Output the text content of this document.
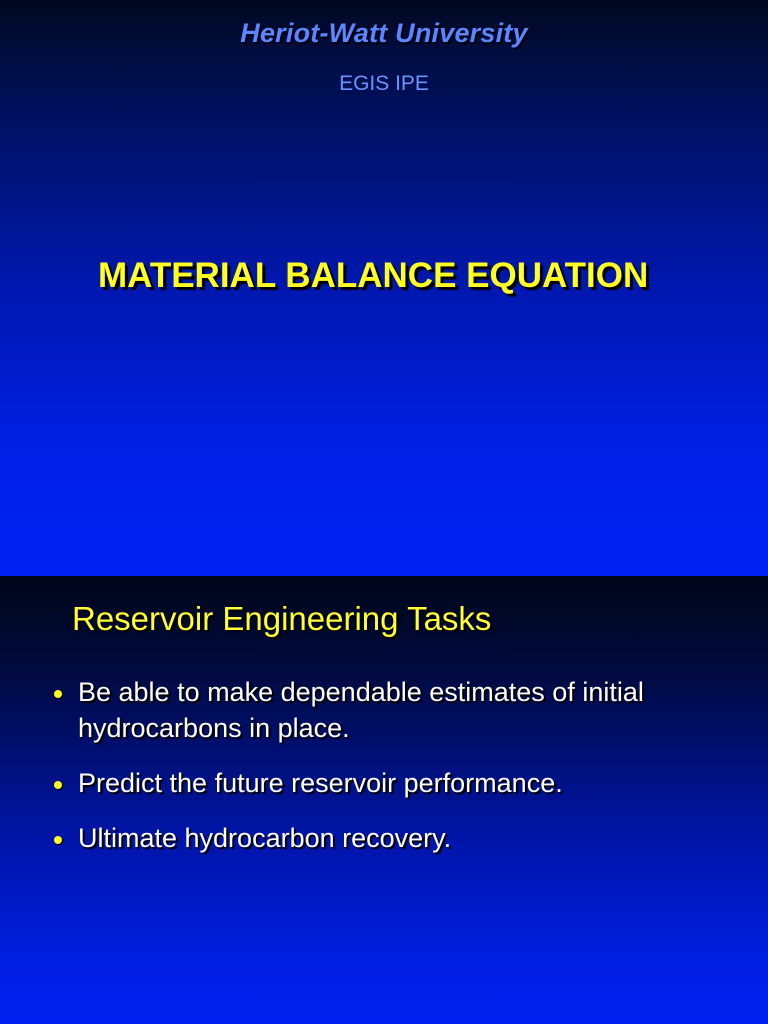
Heriot-Watt University
EGIS IPE
MATERIAL BALANCE EQUATION
Reservoir Engineering Tasks
Be able to make dependable estimates of initial hydrocarbons in place.
Predict the future reservoir performance.
Ultimate hydrocarbon recovery.
